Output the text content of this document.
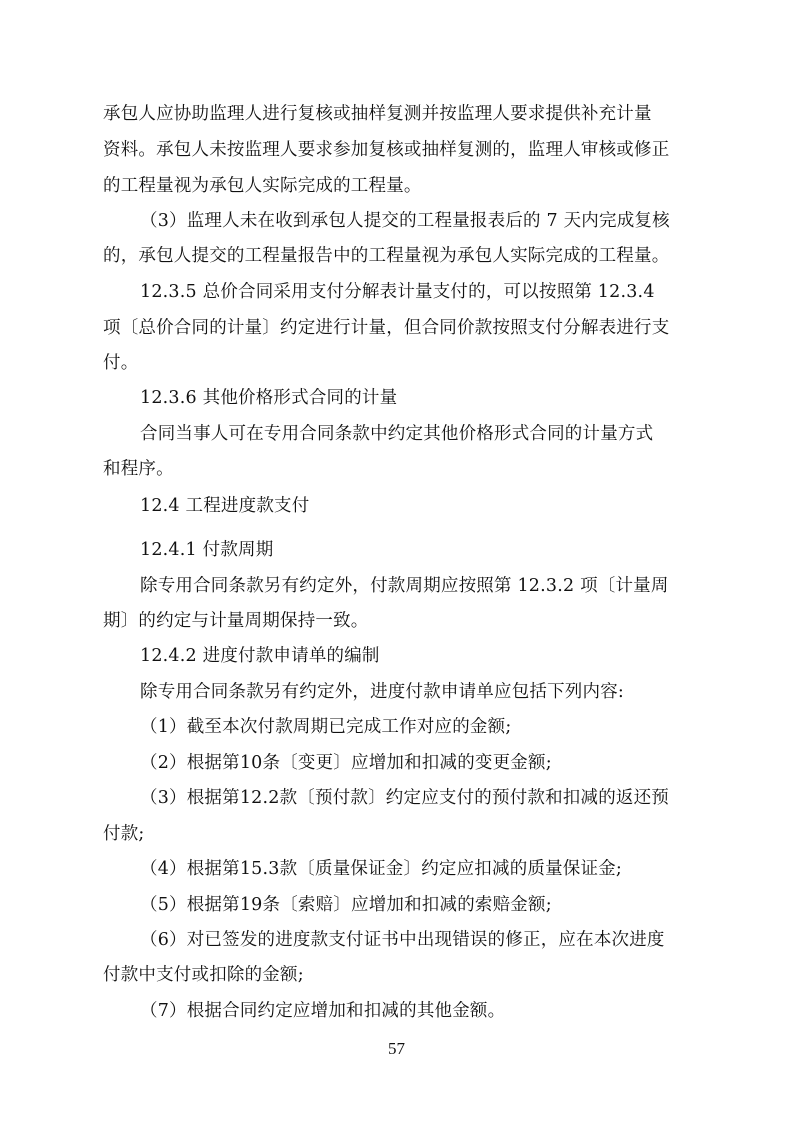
承包人应协助监理人进行复核或抽样复测并按监理人要求提供补充计量
资料。承包人未按监理人要求参加复核或抽样复测的，监理人审核或修正
的工程量视为承包人实际完成的工程量。
（3）监理人未在收到承包人提交的工程量报表后的 7 天内完成复核
的，承包人提交的工程量报告中的工程量视为承包人实际完成的工程量。
12.3.5 总价合同采用支付分解表计量支付的，可以按照第 12.3.4
项〔总价合同的计量〕约定进行计量，但合同价款按照支付分解表进行支
付。
12.3.6 其他价格形式合同的计量
合同当事人可在专用合同条款中约定其他价格形式合同的计量方式
和程序。
12.4 工程进度款支付
12.4.1 付款周期
除专用合同条款另有约定外，付款周期应按照第 12.3.2 项〔计量周
期〕的约定与计量周期保持一致。
12.4.2 进度付款申请单的编制
除专用合同条款另有约定外，进度付款申请单应包括下列内容:
（1）截至本次付款周期已完成工作对应的金额;
（2）根据第10条〔变更〕应增加和扣减的变更金额;
（3）根据第12.2款〔预付款〕约定应支付的预付款和扣减的返还预
付款;
（4）根据第15.3款〔质量保证金〕约定应扣减的质量保证金;
（5）根据第19条〔索赔〕应增加和扣减的索赔金额;
（6）对已签发的进度款支付证书中出现错误的修正，应在本次进度
付款中支付或扣除的金额;
（7）根据合同约定应增加和扣减的其他金额。
57
